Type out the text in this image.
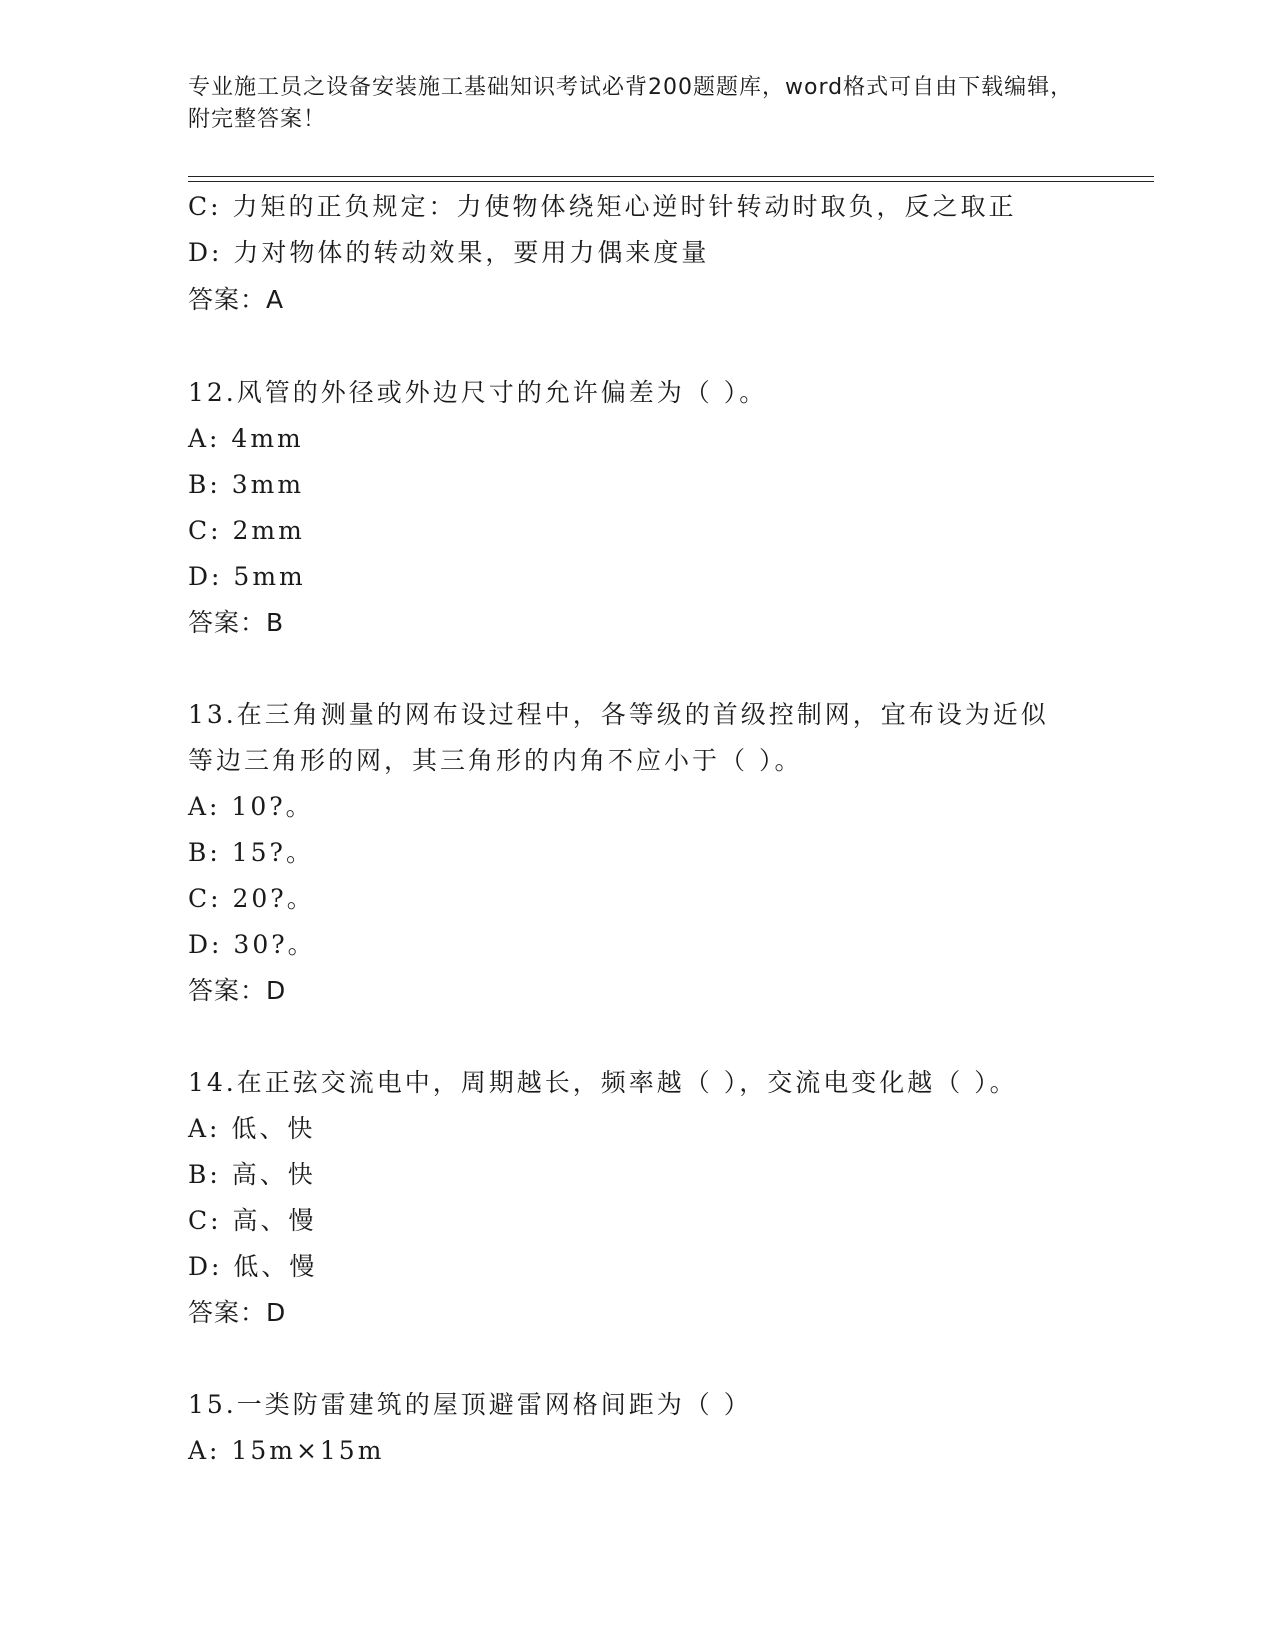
专业施工员之设备安装施工基础知识考试必背200题题库，word格式可自由下载编辑，附完整答案！
C: 力矩的正负规定：力使物体绕矩心逆时针转动时取负，反之取正
D: 力对物体的转动效果，要用力偶来度量
答案：A
12.风管的外径或外边尺寸的允许偏差为（ ）。
A: 4mm
B: 3mm
C: 2mm
D: 5mm
答案：B
13.在三角测量的网布设过程中，各等级的首级控制网，宜布设为近似
等边三角形的网，其三角形的内角不应小于（ ）。
A: 10?。
B: 15?。
C: 20?。
D: 30?。
答案：D
14.在正弦交流电中，周期越长，频率越（ ），交流电变化越（ ）。
A: 低、快
B: 高、快
C: 高、慢
D: 低、慢
答案：D
15.一类防雷建筑的屋顶避雷网格间距为（ ）
A: 15m×15m
